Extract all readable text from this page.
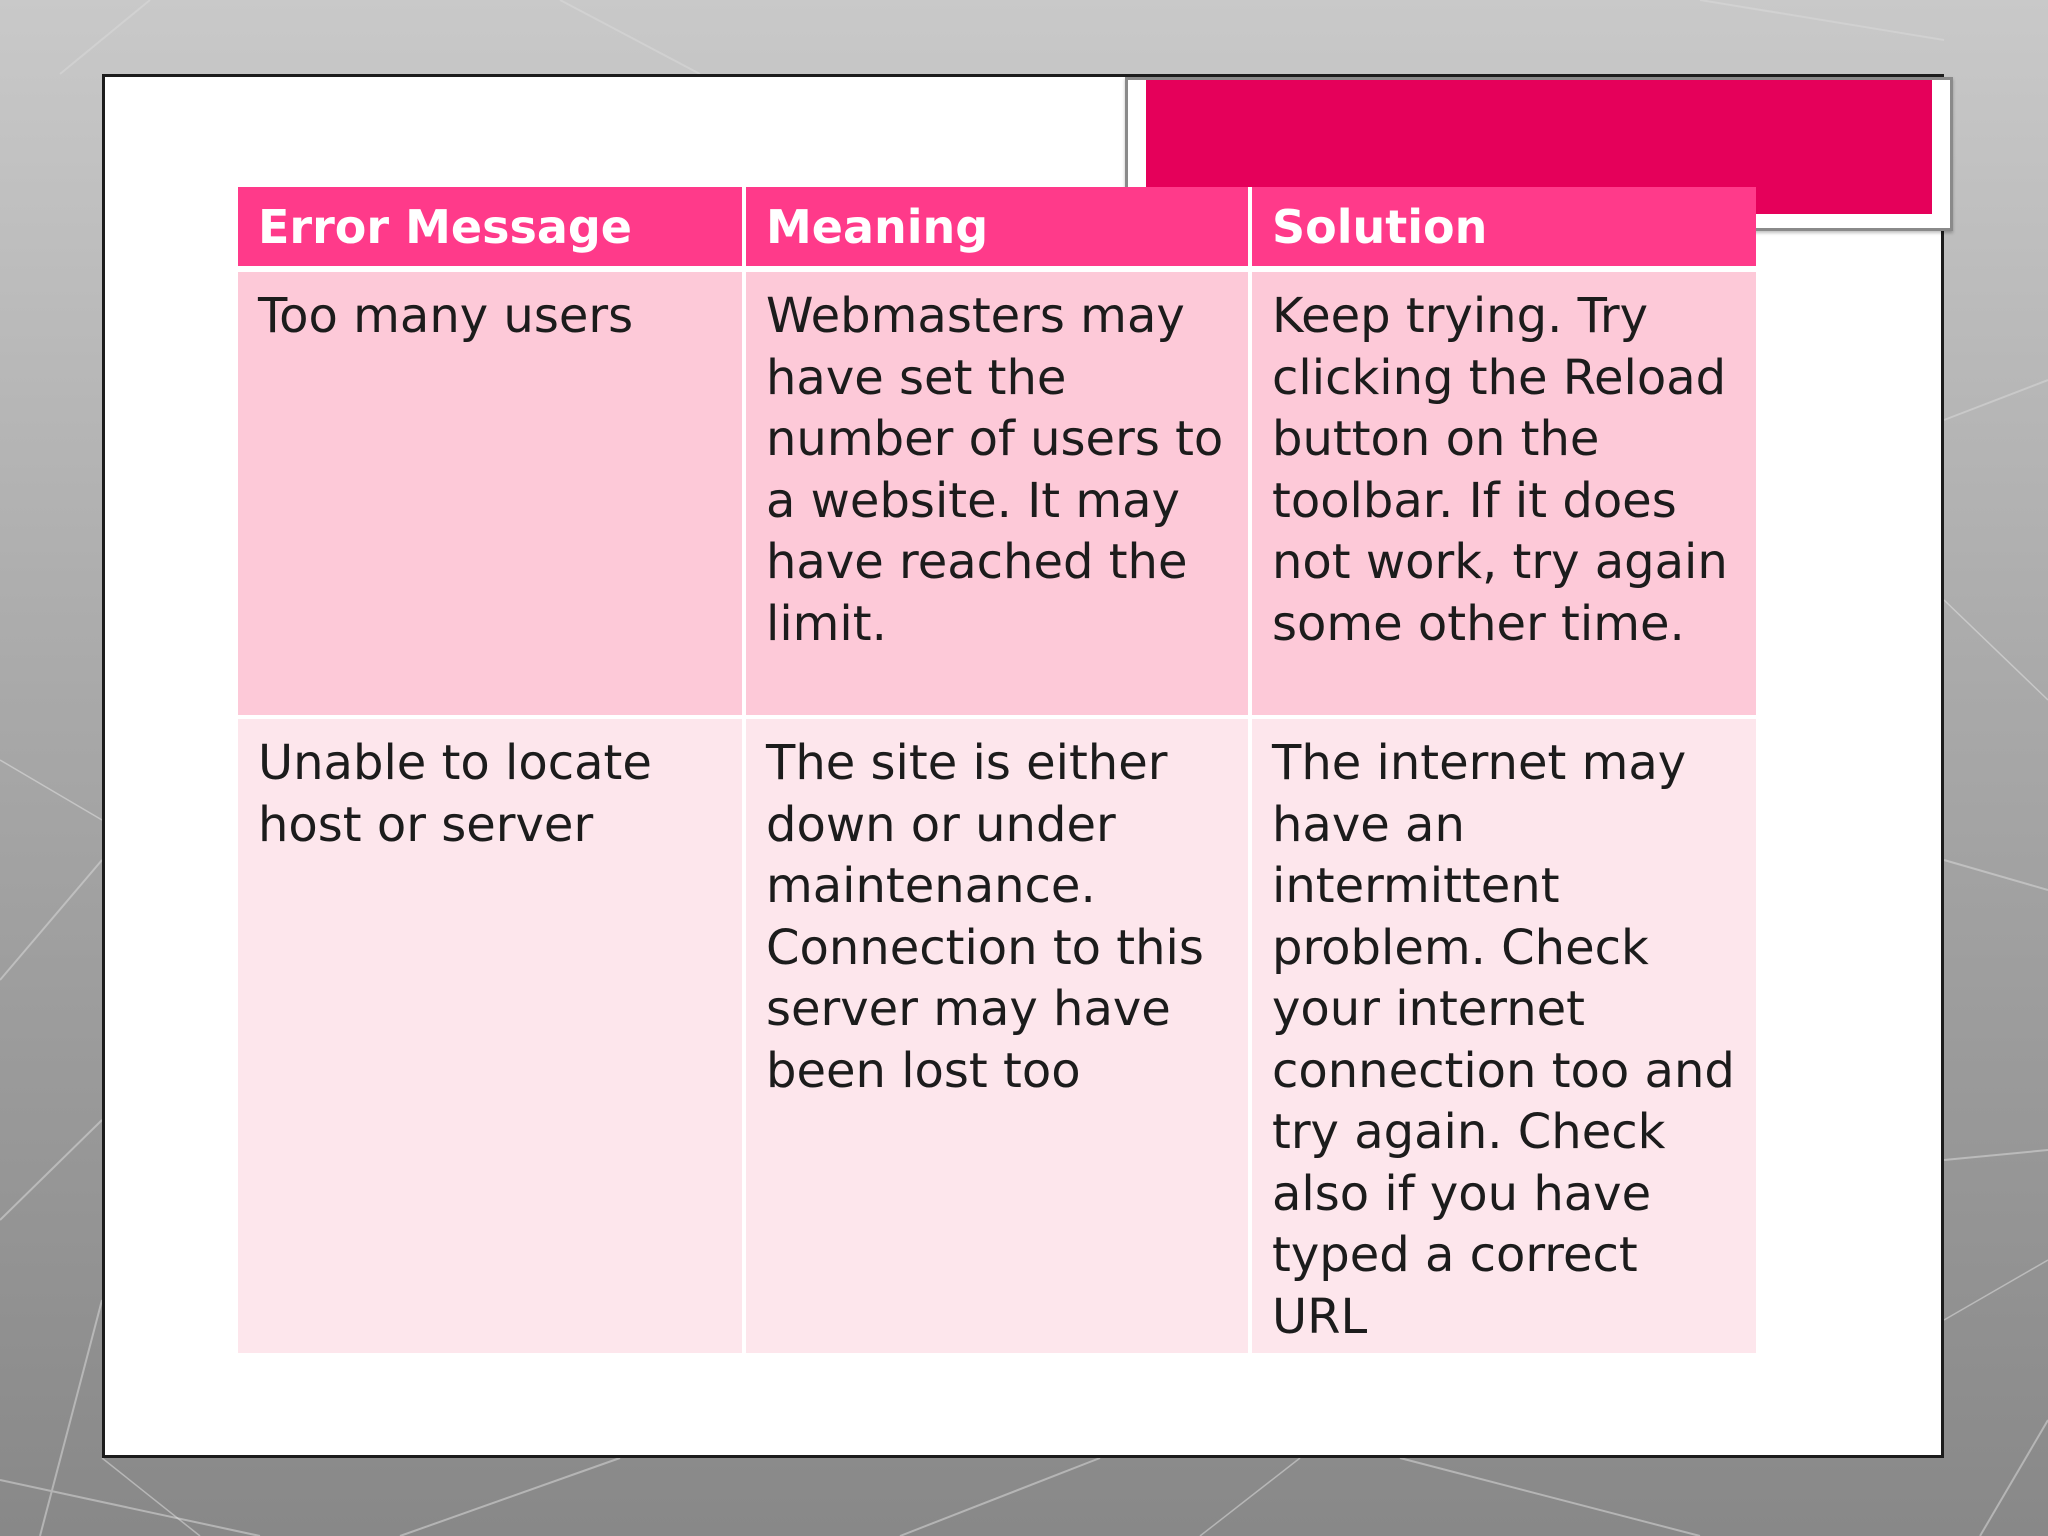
Error Message	Meaning	Solution
Too many users	Webmasters may have set the number of users to a website. It may have reached the limit.	Keep trying. Try clicking the Reload button on the toolbar. If it does not work, try again some other time.
Unable to locate host or server	The site is either down or under maintenance. Connection to this server may have been lost too	The internet may have an intermittent problem. Check your internet connection too and try again. Check also if you have typed a correct URL
